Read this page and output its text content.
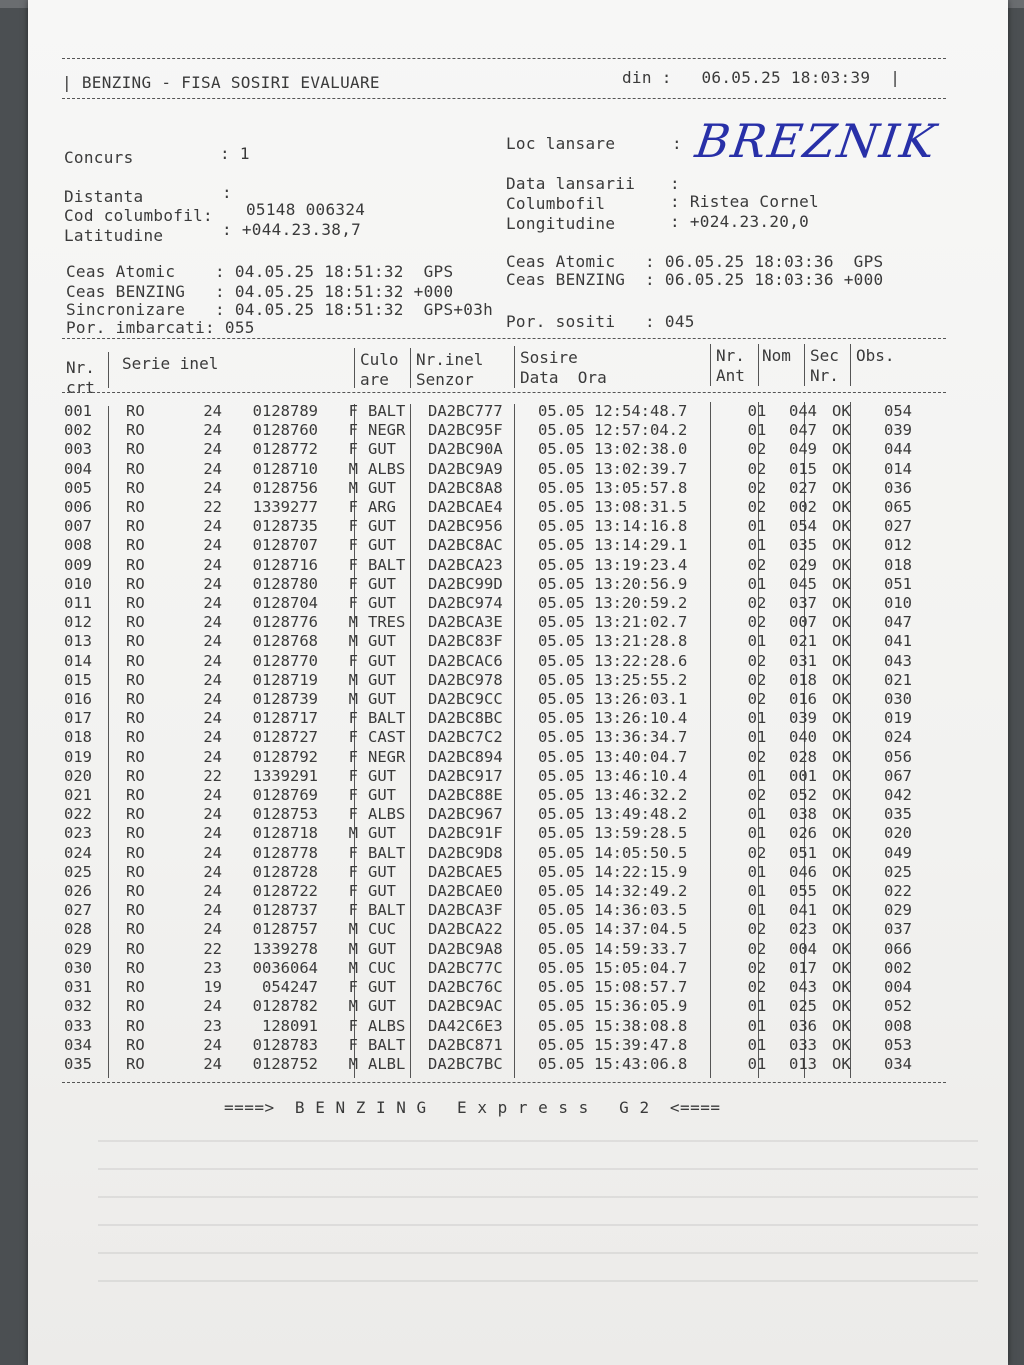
| BENZING - FISA SOSIRI EVALUARE	din : 06.05.25 18:03:39 |
Concurs	: 1
Distanta	:
Cod columbofil: 05148 006324
Latitudine	: +044.23.38,7
Loc lansare	: BREZNIK
Data lansarii :
Columbofil	: Ristea Cornel
Longitudine	: +024.23.20,0
Ceas Atomic    : 04.05.25 18:51:32  GPS
Ceas BENZING   : 04.05.25 18:51:32 +000
Sincronizare   : 04.05.25 18:51:32  GPS+03h
Por. imbarcati: 055
Ceas Atomic   : 06.05.25 18:03:36  GPS
Ceas BENZING  : 06.05.25 18:03:36 +000
Por. sositi   : 045
Nr.
crt
Serie inel	Culo
are
Nr.inel
Senzor
Sosire
Data  Ora
Nr.
Ant
Nom Sec
Nr.
Obs.
001	RO	24	0128789	F	BALT	DA2BC777	05.05 12:54:48.7	01	044	OK	054
002	RO	24	0128760	F	NEGR	DA2BC95F	05.05 12:57:04.2	01	047	OK	039
003	RO	24	0128772	F	GUT	DA2BC90A	05.05 13:02:38.0	02	049	OK	044
004	RO	24	0128710	M	ALBS	DA2BC9A9	05.05 13:02:39.7	02	015	OK	014
005	RO	24	0128756	M	GUT	DA2BC8A8	05.05 13:05:57.8	02	027	OK	036
006	RO	22	1339277	F	ARG	DA2BCAE4	05.05 13:08:31.5	02	002	OK	065
007	RO	24	0128735	F	GUT	DA2BC956	05.05 13:14:16.8	01	054	OK	027
008	RO	24	0128707	F	GUT	DA2BC8AC	05.05 13:14:29.1	01	035	OK	012
009	RO	24	0128716	F	BALT	DA2BCA23	05.05 13:19:23.4	02	029	OK	018
010	RO	24	0128780	F	GUT	DA2BC99D	05.05 13:20:56.9	01	045	OK	051
011	RO	24	0128704	F	GUT	DA2BC974	05.05 13:20:59.2	02	037	OK	010
012	RO	24	0128776	M	TRES	DA2BCA3E	05.05 13:21:02.7	02	007	OK	047
013	RO	24	0128768	M	GUT	DA2BC83F	05.05 13:21:28.8	01	021	OK	041
014	RO	24	0128770	F	GUT	DA2BCAC6	05.05 13:22:28.6	02	031	OK	043
015	RO	24	0128719	M	GUT	DA2BC978	05.05 13:25:55.2	02	018	OK	021
016	RO	24	0128739	M	GUT	DA2BC9CC	05.05 13:26:03.1	02	016	OK	030
017	RO	24	0128717	F	BALT	DA2BC8BC	05.05 13:26:10.4	01	039	OK	019
018	RO	24	0128727	F	CAST	DA2BC7C2	05.05 13:36:34.7	01	040	OK	024
019	RO	24	0128792	F	NEGR	DA2BC894	05.05 13:40:04.7	02	028	OK	056
020	RO	22	1339291	F	GUT	DA2BC917	05.05 13:46:10.4	01	001	OK	067
021	RO	24	0128769	F	GUT	DA2BC88E	05.05 13:46:32.2	02	052	OK	042
022	RO	24	0128753	F	ALBS	DA2BC967	05.05 13:49:48.2	01	038	OK	035
023	RO	24	0128718	M	GUT	DA2BC91F	05.05 13:59:28.5	01	026	OK	020
024	RO	24	0128778	F	BALT	DA2BC9D8	05.05 14:05:50.5	02	051	OK	049
025	RO	24	0128728	F	GUT	DA2BCAE5	05.05 14:22:15.9	01	046	OK	025
026	RO	24	0128722	F	GUT	DA2BCAE0	05.05 14:32:49.2	01	055	OK	022
027	RO	24	0128737	F	BALT	DA2BCA3F	05.05 14:36:03.5	01	041	OK	029
028	RO	24	0128757	M	CUC	DA2BCA22	05.05 14:37:04.5	02	023	OK	037
029	RO	22	1339278	M	GUT	DA2BC9A8	05.05 14:59:33.7	02	004	OK	066
030	RO	23	0036064	M	CUC	DA2BC77C	05.05 15:05:04.7	02	017	OK	002
031	RO	19	054247	F	GUT	DA2BC76C	05.05 15:08:57.7	02	043	OK	004
032	RO	24	0128782	M	GUT	DA2BC9AC	05.05 15:36:05.9	01	025	OK	052
033	RO	23	128091	F	ALBS	DA42C6E3	05.05 15:38:08.8	01	036	OK	008
034	RO	24	0128783	F	BALT	DA2BC871	05.05 15:39:47.8	01	033	OK	053
035	RO	24	0128752	M	ALBL	DA2BC7BC	05.05 15:43:06.8	01	013	OK	034
====>  B E N Z I N G   E x p r e s s   G 2  <====
